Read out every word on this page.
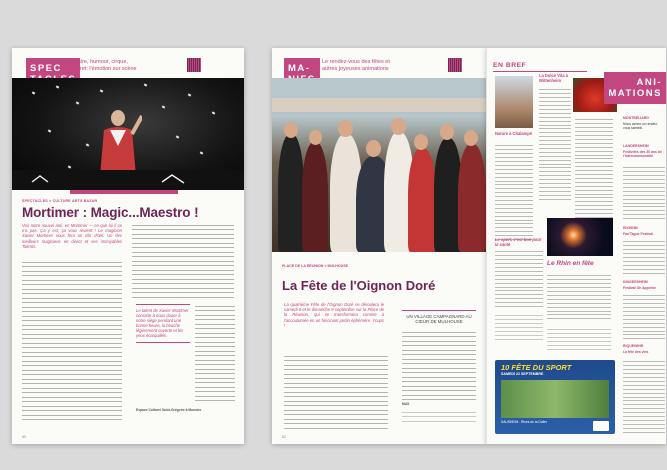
SPEC
Théâtre, humour, cirque, cabaret: l'émotion sur scène
SPECTACLES > CULTURE ARTS BAZAR
Mortimer : Magic...Maestro !
Voir notre nouvel ami, en Mortimer — ce que lui il ce n'a pas. Ça y est, ça vous revient ! Le magicien Xavier Mortimer vous fera un clin d'œil. Un des meilleurs magiciens en direct et ses incroyables Talents.
Le talent de Xavier Mortimer consiste à nous douer à notre siège pendant une bonne heure, la bouche légèrement ouverte et les yeux écarquillés.
Espace Culturel Saint-Grégoire à Munster
80
MA-
Le rendez-vous des fêtes et autres joyeuses animations
PLACE DE LA RÉUNION > MULHOUSE
La Fête de l'Oignon Doré
La quatrième Fête de l'Oignon Doré se déroulera le samedi 8 et le dimanche 9 septembre sur la Place de la Réunion, qui se transformera comme à l'accoutumée en un fascinant jardin éphémère. Ycups !
UN VILLAGE CAMPAGNARD AU CŒUR DE MULHOUSE
MAS
82
EN BREF
Nature à Chalampé
La Dolce Vita à Wittenheim
Le sport, c'est bon pour la santé
Le Rhin en fête
10 FÊTE DU SPORT
SAMEDI 22 SEPTEMBRE
SAUSHEIM - Rives de la Doller
ANI-
MATIONS
MONTBÉLIARD
Nous avons un rendez-vous samedi.
LANDERSHEIM
Festivités des 30 ans de l'Intercommunalité
RIXHEIM
Fan'Tague Festival
KINGERSHEIM
Festival Oh Appréhe
RIQUEWIHR
La fête des vins
